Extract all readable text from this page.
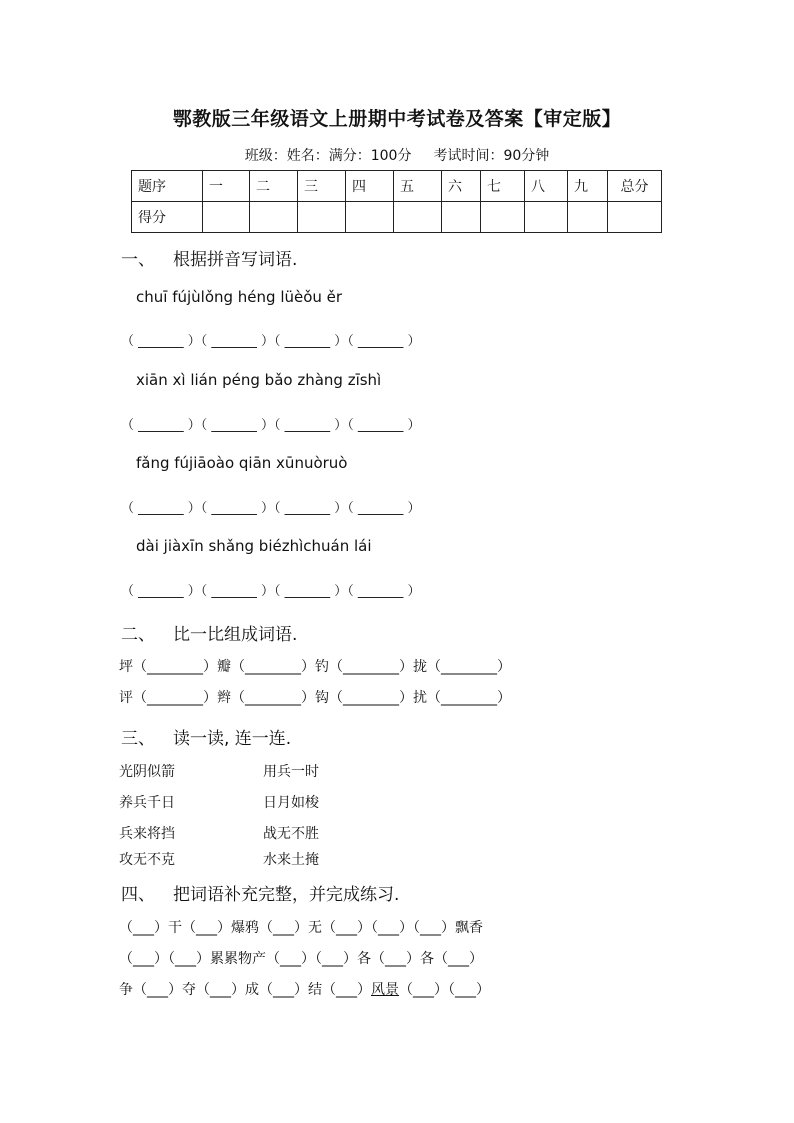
鄂教版三年级语文上册期中考试卷及答案【审定版】
班级：姓名：满分：100分 考试时间：90分钟
题序	一	二	三	四	五	六	七	八	九	总分
得分										
一、 根据拼音写词语.
chuī fújùlǒng héng lüèǒu ěr
（ _______ ）（ _______ ）（ _______ ）（ _______ ）
xiān xì lián péng bǎo zhàng zīshì
（ _______ ）（ _______ ）（ _______ ）（ _______ ）
fǎng fújiāoào qiān xūnuòruò
（ _______ ）（ _______ ）（ _______ ）（ _______ ）
dài jiàxīn shǎng biézhìchuán lái
（ _______ ）（ _______ ）（ _______ ）（ _______ ）
二、 比一比组成词语.
坪（________）瓣（________）钓（________）拢（________）
评（________）辫（________）钩（________）扰（________）
三、 读一读, 连一连.
光阴似箭
养兵千日
兵来将挡
攻无不克
用兵一时
日月如梭
战无不胜
水来土掩
四、 把词语补充完整，并完成练习.
（___）干（___）爆鸦（___）无（___）（___）（___）飘香
（___）（___）累累物产（___）（___）各（___）各（___）
争（___）夺（___）成（___）结（___）风景（___）（___）
